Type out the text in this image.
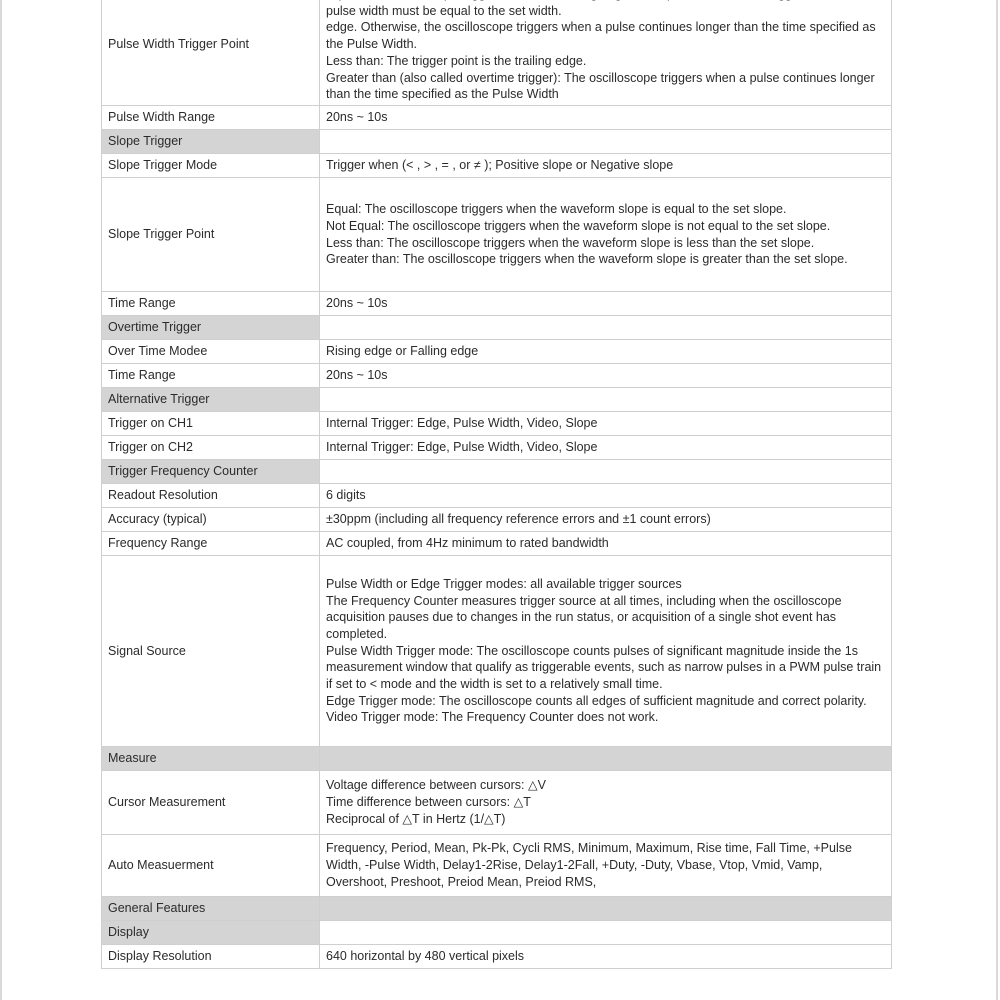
Pulse Width Trigger Point	pulse width must be equal to the set width.
edge. Otherwise, the oscilloscope triggers when a pulse continues longer than the time specified as the Pulse Width.
Less than: The trigger point is the trailing edge.
Greater than (also called overtime trigger): The oscilloscope triggers when a pulse continues longer than the time specified as the Pulse Width
Pulse Width Range	20ns ~ 10s
Slope Trigger	
Slope Trigger Mode	Trigger when (< , > , = , or ≠ ); Positive slope or Negative slope
Slope Trigger Point	Equal: The oscilloscope triggers when the waveform slope is equal to the set slope.
Not Equal: The oscilloscope triggers when the waveform slope is not equal to the set slope.
Less than: The oscilloscope triggers when the waveform slope is less than the set slope.
Greater than: The oscilloscope triggers when the waveform slope is greater than the set slope.
Time Range	20ns ~ 10s
Overtime Trigger	
Over Time Modee	Rising edge or Falling edge
Time Range	20ns ~ 10s
Alternative Trigger	
Trigger on CH1	Internal Trigger: Edge, Pulse Width, Video, Slope
Trigger on CH2	Internal Trigger: Edge, Pulse Width, Video, Slope
Trigger Frequency Counter	
Readout Resolution	6 digits
Accuracy (typical)	±30ppm (including all frequency reference errors and ±1 count errors)
Frequency Range	AC coupled, from 4Hz minimum to rated bandwidth
Signal Source	Pulse Width or Edge Trigger modes: all available trigger sources
The Frequency Counter measures trigger source at all times, including when the oscilloscope acquisition pauses due to changes in the run status, or acquisition of a single shot event has completed.
Pulse Width Trigger mode: The oscilloscope counts pulses of significant magnitude inside the 1s measurement window that qualify as triggerable events, such as narrow pulses in a PWM pulse train if set to < mode and the width is set to a relatively small time.
Edge Trigger mode: The oscilloscope counts all edges of sufficient magnitude and correct polarity.
Video Trigger mode: The Frequency Counter does not work.
Measure	
Cursor Measurement	Voltage difference between cursors: △V
Time difference between cursors: △T
Reciprocal of △T in Hertz (1/△T)
Auto Measuerment	Frequency, Period, Mean, Pk-Pk, Cycli RMS, Minimum, Maximum, Rise time, Fall Time, +Pulse Width, -Pulse Width, Delay1-2Rise, Delay1-2Fall, +Duty, -Duty, Vbase, Vtop, Vmid, Vamp, Overshoot, Preshoot, Preiod Mean, Preiod RMS,
General Features	
Display	
Display Resolution	640 horizontal by 480 vertical pixels
